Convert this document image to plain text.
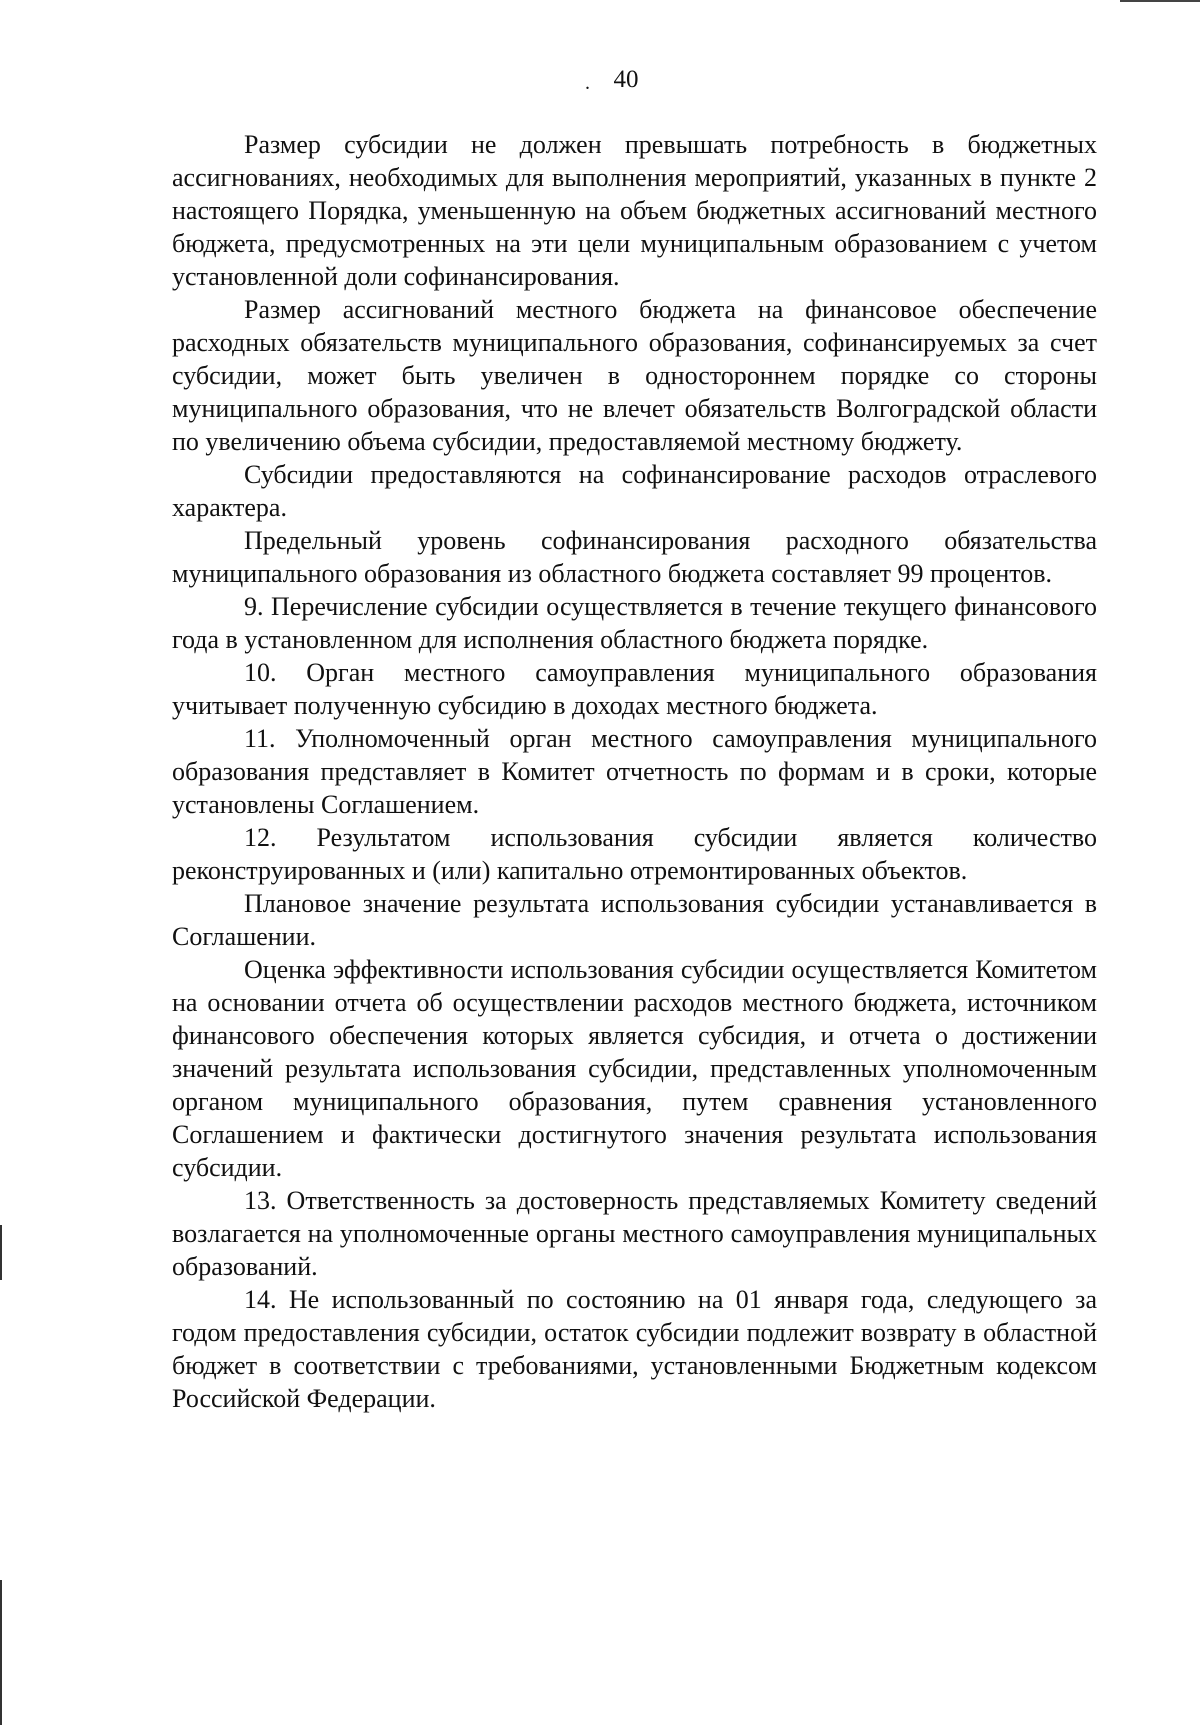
. 40

Размер субсидии не должен превышать потребность в бюджетных ассигнованиях, необходимых для выполнения мероприятий, указанных в пункте 2 настоящего Порядка, уменьшенную на объем бюджетных ассигнований местного бюджета, предусмотренных на эти цели муниципальным образованием с учетом установленной доли софинансирования.

Размер ассигнований местного бюджета на финансовое обеспечение расходных обязательств муниципального образования, софинансируемых за счет субсидии, может быть увеличен в одностороннем порядке со стороны муниципального образования, что не влечет обязательств Волгоградской области по увеличению объема субсидии, предоставляемой местному бюджету.

Субсидии предоставляются на софинансирование расходов отраслевого характера.

Предельный уровень софинансирования расходного обязательства муниципального образования из областного бюджета составляет 99 процентов.

9. Перечисление субсидии осуществляется в течение текущего финансового года в установленном для исполнения областного бюджета порядке.

10. Орган местного самоуправления муниципального образования учитывает полученную субсидию в доходах местного бюджета.

11. Уполномоченный орган местного самоуправления муниципального образования представляет в Комитет отчетность по формам и в сроки, которые установлены Соглашением.

12. Результатом использования субсидии является количество реконструированных и (или) капитально отремонтированных объектов.

Плановое значение результата использования субсидии устанавливается в Соглашении.

Оценка эффективности использования субсидии осуществляется Комитетом на основании отчета об осуществлении расходов местного бюджета, источником финансового обеспечения которых является субсидия, и отчета о достижении значений результата использования субсидии, представленных уполномоченным органом муниципального образования, путем сравнения установленного Соглашением и фактически достигнутого значения результата использования субсидии.

13. Ответственность за достоверность представляемых Комитету сведений возлагается на уполномоченные органы местного самоуправления муниципальных образований.

14. Не использованный по состоянию на 01 января года, следующего за годом предоставления субсидии, остаток субсидии подлежит возврату в областной бюджет в соответствии с требованиями, установленными Бюджетным кодексом Российской Федерации.
